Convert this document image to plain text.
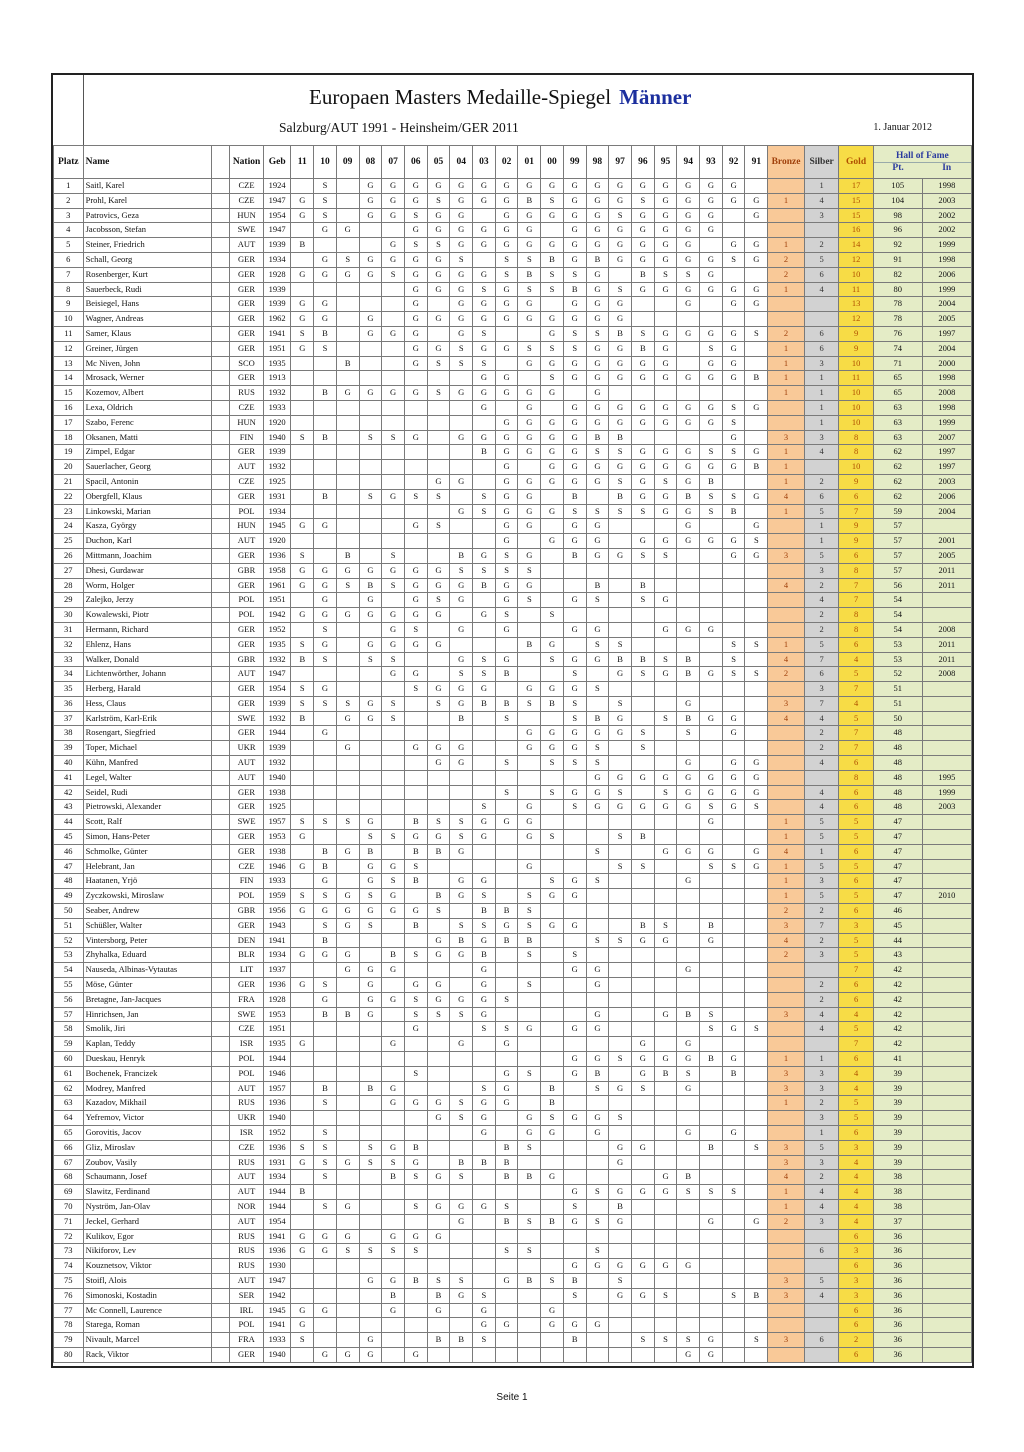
Europaen Masters Medaille-Spiegel Männer
Salzburg/AUT 1991 - Heinsheim/GER 2011	1. Januar 2012
Platz	Name		Nation	Geb	11	10	09	08	07	06	05	04	03	02	01	00	99	98	97	96	95	94	93	92	91	Bronze	Silber	Gold	Hall of Fame
Pt. In	
1	Saitl, Karel		CZE	1924		S		G	G	G	G	G	G	G	G	G	G	G	G	G	G	G	G	G			1	17	105	1998
2	Prohl, Karel		CZE	1947	G	S		G	G	G	S	G	G	G	B	S	G	G	G	S	G	G	G	G	G	1	4	15	104	2003
3	Patrovics, Geza		HUN	1954	G	S		G	G	S	G	G		G	G	G	G	G	S	G	G	G	G		G		3	15	98	2002
4	Jacobsson, Stefan		SWE	1947		G	G			G	G	G	G	G	G		G	G	G	G	G	G	G					16	96	2002
5	Steiner, Friedrich		AUT	1939	B				G	S	S	G	G	G	G	G	G	G	G	G	G	G		G	G	1	2	14	92	1999
6	Schall, Georg		GER	1934		G	S	G	G	G	G	S		S	S	B	G	B	G	G	G	G	G	S	G	2	5	12	91	1998
7	Rosenberger, Kurt		GER	1928	G	G	G	G	S	G	G	G	G	S	B	S	S	G		B	S	S	G			2	6	10	82	2006
8	Sauerbeck, Rudi		GER	1939						G	G	G	S	G	S	S	B	G	S	G	G	G	G	G	G	1	4	11	80	1999
9	Beisiegel, Hans		GER	1939	G	G				G		G	G	G	G		G	G	G			G		G	G			13	78	2004
10	Wagner, Andreas		GER	1962	G	G		G		G	G	G	G	G	G	G	G	G	G									12	78	2005
11	Samer, Klaus		GER	1941	S	B		G	G	G		G	S			G	S	S	B	S	G	G	G	G	S	2	6	9	76	1997
12	Greiner, Jürgen		GER	1951	G	S				G	G	S	G	G	S	S	S	G	G	B	G		S	G		1	6	9	74	2004
13	Mc Niven, John		SCO	1935			B			G	S	S	S		G	G	G	G	G	G	G		G	G		1	3	10	71	2000
14	Mrosack, Werner		GER	1913									G	G		S	G	G	G	G	G	G	G	G	B	1	1	11	65	1998
15	Kozemov, Albert		RUS	1932		B	G	G	G	G	S	G	G	G	G	G		G								1	1	10	65	2008
16	Lexa, Oldrich		CZE	1933									G		G		G	G	G	G	G	G	G	S	G		1	10	63	1998
17	Szabo, Ferenc		HUN	1920										G	G	G	G	G	G	G	G	G	G	S			1	10	63	1999
18	Oksanen, Matti		FIN	1940	S	B		S	S	G		G	G	G	G	G	G	B	B					G		3	3	8	63	2007
19	Zimpel, Edgar		GER	1939									B	G	G	G	G	S	S	G	G	G	S	S	G	1	4	8	62	1997
20	Sauerlacher, Georg		AUT	1932										G		G	G	G	G	G	G	G	G	G	B	1		10	62	1997
21	Spacil, Antonin		CZE	1925							G	G		G	G	G	G	G	S	G	S	G	B			1	2	9	62	2003
22	Obergfell, Klaus		GER	1931		B		S	G	S	S		S	G	G		B		B	G	G	B	S	S	G	4	6	6	62	2006
23	Linkowski, Marian		POL	1934								G	S	G	G	G	S	S	S	S	G	G	S	B		1	5	7	59	2004
24	Kasza, György		HUN	1945	G	G				G	S			G	G		G	G				G			G		1	9	57	
25	Duchon, Karl		AUT	1920										G		G	G	G		G	G	G	G	G	S		1	9	57	2001
26	Mittmann, Joachim		GER	1936	S		B		S			B	G	S	G		B	G	G	S	S			G	G	3	5	6	57	2005
27	Dhesi, Gurdawar		GBR	1958	G	G	G	G	G	G	G	S	S	S	S												3	8	57	2011
28	Worm, Holger		GER	1961	G	G	S	B	S	G	G	G	B	G	G			B		B						4	2	7	56	2011
29	Zalejko, Jerzy		POL	1951		G		G		G	S	G		G	S		G	S		S	G						4	7	54	
30	Kowalewski, Piotr		POL	1942	G	G	G	G	G	G	G		G	S		S											2	8	54	
31	Hermann, Richard		GER	1952		S			G	S		G		G			G	G			G	G	G				2	8	54	2008
32	Ehlenz, Hans		GER	1935	S	G		G	G	G	G				B	G		S	S					S	S	1	5	6	53	2011
33	Walker, Donald		GBR	1932	B	S		S	S			G	S	G		S	G	G	B	B	S	B		S		4	7	4	53	2011
34	Lichtenwörther, Johann		AUT	1947					G	G		S	S	B			S		G	S	G	B	G	S	S	2	6	5	52	2008
35	Herberg, Harald		GER	1954	S	G				S	G	G	G		G	G	G	S									3	7	51	
36	Hess, Claus		GER	1939	S	S	S	G	S		S	G	B	B	S	B	S		S			G				3	7	4	51	
37	Karlström, Karl-Erik		SWE	1932	B		G	G	S			B		S			S	B	G		S	B	G	G		4	4	5	50	
38	Rosengart, Siegfried		GER	1944		G									G	G	G	G	G	S		S		G			2	7	48	
39	Toper, Michael		UKR	1939			G			G	G	G			G	G	G	S		S							2	7	48	
40	Kühn, Manfred		AUT	1932							G	G		S		S	S	S				G		G	G		4	6	48	
41	Legel, Walter		AUT	1940														G	G	G	G	G	G	G	G			8	48	1995
42	Seidel, Rudi		GER	1938										S		S	G	G	S		S	G	G	G	G		4	6	48	1999
43	Pietrowski, Alexander		GER	1925									S		G		S	G	G	G	G	G	S	G	S		4	6	48	2003
44	Scott, Ralf		SWE	1957	S	S	S	G		B	S	S	G	G	G								G			1	5	5	47	
45	Simon, Hans-Peter		GER	1953	G			S	S	G	G	S	G		G	S			S	B						1	5	5	47	
46	Schmolke, Günter		GER	1938		B	G	B		B	B	G						S			G	G	G		G	4	1	6	47	
47	Helebrant, Jan		CZE	1946	G	B		G	G	S					G				S	S			S	S	G	1	5	5	47	
48	Haatanen, Yrjö		FIN	1933		G		G	S	B		G	G			S	G	S				G				1	3	6	47	
49	Zyczkowski, Miroslaw		POL	1959	S	S	G	S	G		B	G	S		S	G	G									1	5	5	47	2010
50	Seaber, Andrew		GBR	1956	G	G	G	G	G	G	S		B	B	S											2	2	6	46	
51	Schüßler, Walter		GER	1943		S	G	S		B		S	S	G	S	G	G			B	S		B			3	7	3	45	
52	Vintersborg, Peter		DEN	1941		B					G	B	G	B	B			S	S	G	G		G			4	2	5	44	
53	Zhyhalka, Eduard		BLR	1934	G	G	G		B	S	G	G	B		S		S									2	3	5	43	
54	Nauseda, Albinas-Vytautas		LIT	1937			G	G	G				G				G	G				G						7	42	
55	Möse, Günter		GER	1936	G	S		G		G	G		G		S			G									2	6	42	
56	Bretagne, Jan-Jacques		FRA	1928		G		G	G	S	G	G	G	S													2	6	42	
57	Hinrichsen, Jan		SWE	1953		B	B	G		S	S	S	G					G			G	B	S			3	4	4	42	
58	Smolik, Jiri		CZE	1951						G			S	S	G		G	G					S	G	S		4	5	42	
59	Kaplan, Teddy		ISR	1935	G				G			G		G						G		G						7	42	
60	Dueskau, Henryk		POL	1944													G	G	S	G	G	G	B	G		1	1	6	41	
61	Bochenek, Francizek		POL	1946						S				G	S		G	B		G	B	S		B		3	3	4	39	
62	Modrey, Manfred		AUT	1957		B		B	G				S	G		B		S	G	S		G				3	3	4	39	
63	Kazadov, Mikhail		RUS	1936		S			G	G	G	S	G	G		B										1	2	5	39	
64	Yefremov, Victor		UKR	1940							G	S	G		G	S	G	G	S								3	5	39	
65	Gorovitis, Jacov		ISR	1952		S							G		G	G		G				G		G			1	6	39	
66	Gliz, Miroslav		CZE	1936	S	S		S	G	B				B	S				G	G			B		S	3	5	3	39	
67	Zoubov, Vasily		RUS	1931	G	S	G	S	S	G		B	B	B					G							3	3	4	39	
68	Schaumann, Josef		AUT	1934		S			B	S	G	S		B	B	G					G	B				4	2	4	38	
69	Slawitz, Ferdinand		AUT	1944	B												G	S	G	G	G	S	S	S		1	4	4	38	
70	Nyström, Jan-Olav		NOR	1944		S	G			S	G	G	G	S			S		B							1	4	4	38	
71	Jeckel, Gerhard		AUT	1954								G		B	S	B	G	S	G				G		G	2	3	4	37	
72	Kulikov, Egor		RUS	1941	G	G	G		G	G	G																	6	36	
73	Nikiforov, Lev		RUS	1936	G	G	S	S	S	S				S	S			S									6	3	36	
74	Kouznetsov, Viktor		RUS	1930													G	G	G	G	G	G						6	36	
75	Stoifl, Alois		AUT	1947				G	G	B	S	S		G	B	S	B		S							3	5	3	36	
76	Simonoski, Kostadin		SER	1942					B		B	G	S				S		G	G	S			S	B	3	4	3	36	
77	Mc Connell, Laurence		IRL	1945	G	G			G		G		G			G												6	36	
78	Starega, Roman		POL	1941	G								G	G		G	G	G										6	36	
79	Nivault, Marcel		FRA	1933	S			G			B	B	S				B			S	S	S	G		S	3	6	2	36	
80	Rack, Viktor		GER	1940		G	G	G		G												G	G					6	36	
Seite 1
